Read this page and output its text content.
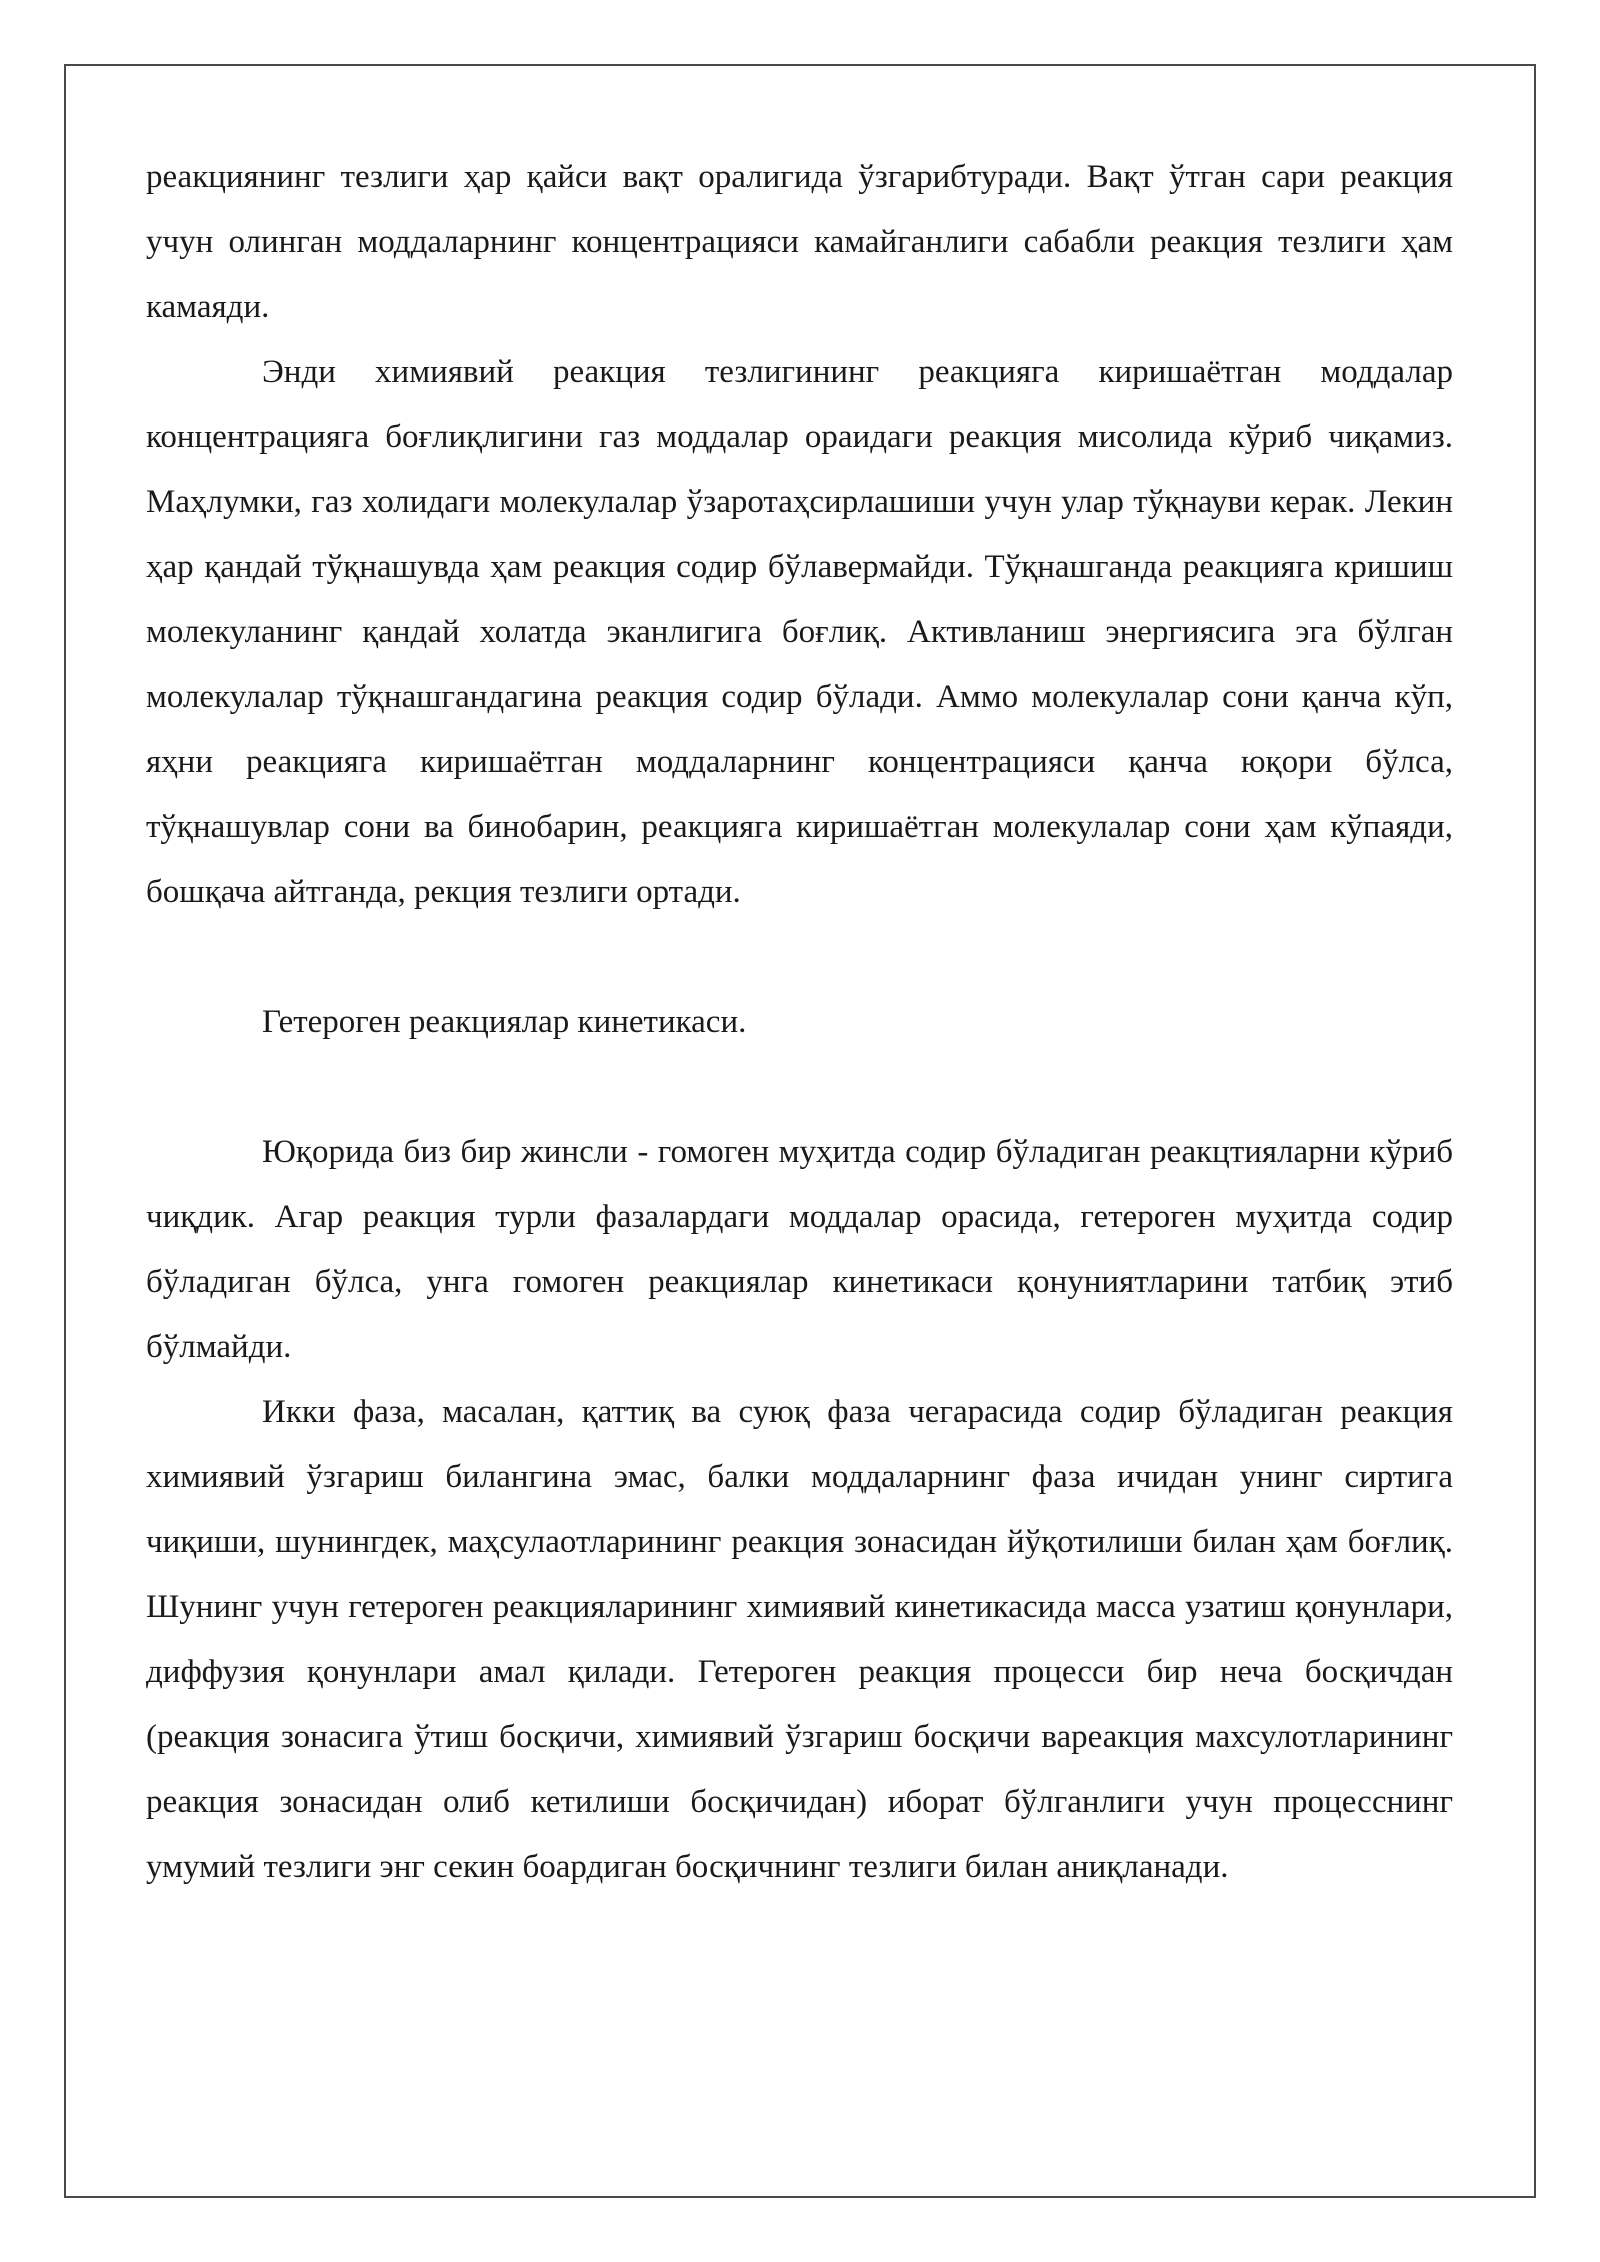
реакциянинг тезлиги ҳар қайси вақт оралигида ўзгарибтуради. Вақт ўтган сари реакция учун олинган моддаларнинг концентрацияси камайганлиги сабабли реакция тезлиги ҳам камаяди.

Энди химиявий реакция тезлигининг реакцияга киришаётган моддалар концентрацияга боғлиқлигини газ моддалар ораидаги реакция мисолида кўриб чиқамиз. Маҳлумки, газ холидаги молекулалар ўзаротаҳсирлашиши учун улар тўқнауви керак. Лекин ҳар қандай тўқнашувда ҳам реакция содир бўлавермайди. Тўқнашганда реакцияга кришиш молекуланинг қандай холатда эканлигига боғлиқ. Активланиш энергиясига эга бўлган молекулалар тўқнашгандагина реакция содир бўлади. Аммо молекулалар сони қанча кўп, яҳни реакцияга киришаётган моддаларнинг концентрацияси қанча юқори бўлса, тўқнашувлар сони ва бинобарин, реакцияга киришаётган молекулалар сони ҳам кўпаяди, бошқача айтганда, рекция тезлиги ортади.

Гетероген реакциялар кинетикаси.

Юқорида биз бир жинсли - гомоген муҳитда содир бўладиган реакцтияларни кўриб чиқдик. Агар реакция турли фазалардаги моддалар орасида, гетероген муҳитда содир бўладиган бўлса, унга гомоген реакциялар кинетикаси қонуниятларини татбиқ этиб бўлмайди.

Икки фаза, масалан, қаттиқ ва суюқ фаза чегарасида содир бўладиган реакция химиявий ўзгариш билангина эмас, балки моддаларнинг фаза ичидан унинг сиртига чиқиши, шунингдек, маҳсулаотларининг реакция зонасидан йўқотилиши билан ҳам боғлиқ. Шунинг учун гетероген реакцияларининг химиявий кинетикасида масса узатиш қонунлари, диффузия қонунлари амал қилади. Гетероген реакция процесси бир неча босқичдан (реакция зонасига ўтиш босқичи, химиявий ўзгариш босқичи вареакция махсулотларининг реакция зонасидан олиб кетилиши босқичидан) иборат бўлганлиги учун процесснинг умумий тезлиги энг секин боардиган босқичнинг тезлиги билан аниқланади.
